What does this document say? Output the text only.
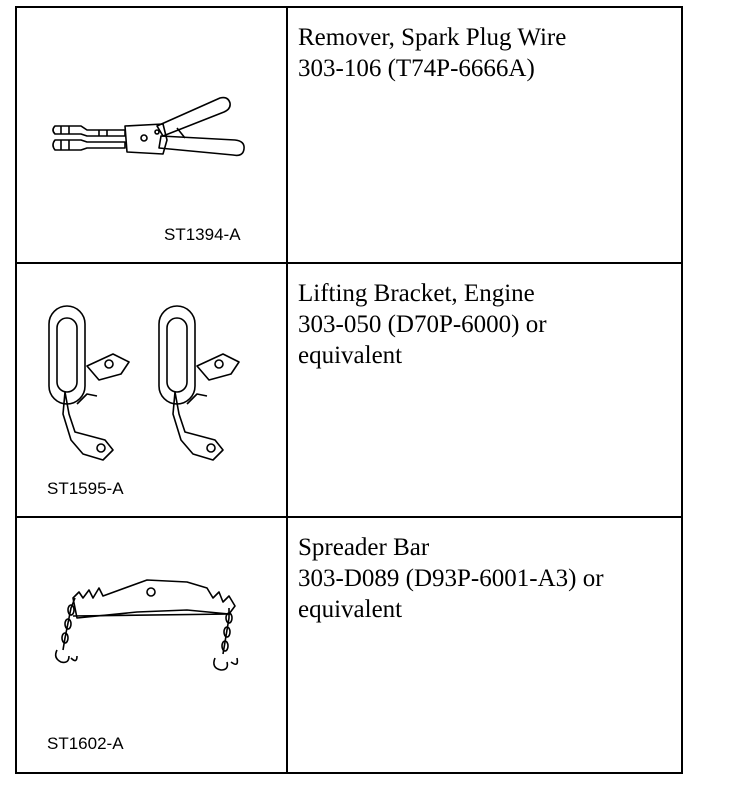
ST1394-A	Remover, Spark Plug Wire
303-106 (T74P-6666A)

ST1595-A	Lifting Bracket, Engine
303-050 (D70P-6000) or
equivalent

ST1602-A	Spreader Bar
303-D089 (D93P-6001-A3) or
equivalent
